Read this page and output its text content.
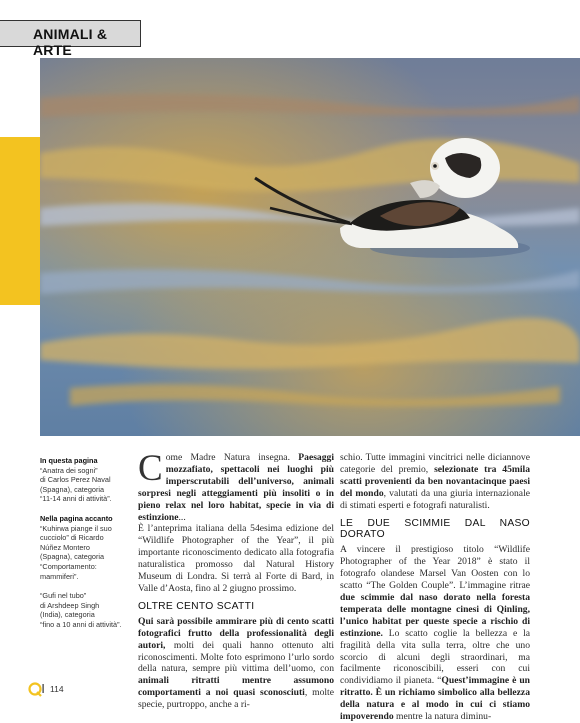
ANIMALI & ARTE

In questa pagina
“Anatra dei sogni”
di Carlos Perez Naval
(Spagna), categoria
“11-14 anni di attività”.

Nella pagina accanto
“Kuhirwa piange il suo
cucciolo” di Ricardo
Núñez Montero
(Spagna), categoria
“Comportamento:
mammiferi”.

“Gufi nel tubo”
di Arshdeep Singh
(India), categoria
“fino a 10 anni di attività”.

Come Madre Natura insegna. Paesaggi mozzafiato, spettacoli nei luoghi più imperscrutabili dell’universo, animali sorpresi negli atteggiamenti più insoliti o in pieno relax nel loro habitat, specie in via di estinzione...

È l’anteprima italiana della 54esima edizione del “Wildlife Photographer of the Year”, il più importante riconoscimento dedicato alla fotografia naturalistica promosso dal Natural History Museum di Londra. Si terrà al Forte di Bard, in Valle d’Aosta, fino al 2 giugno prossimo.

OLTRE CENTO SCATTI

Qui sarà possibile ammirare più di cento scatti fotografici frutto della professionalità degli autori, molti dei quali hanno ottenuto alti riconoscimenti. Molte foto esprimono l’urlo sordo della natura, sempre più vittima dell’uomo, con animali ritratti mentre assumono comportamenti a noi quasi sconosciuti, molte specie, purtroppo, anche a ri-

schio. Tutte immagini vincitrici nelle diciannove categorie del premio, selezionate tra 45mila scatti provenienti da ben novantacinque paesi del mondo, valutati da una giuria internazionale di stimati esperti e fotografi naturalisti.

LE DUE SCIMMIE DAL NASO DORATO

A vincere il prestigioso titolo “Wildlife Photographer of the Year 2018” è stato il fotografo olandese Marsel Van Oosten con lo scatto “The Golden Couple”. L’immagine ritrae due scimmie dal naso dorato nella foresta temperata delle montagne cinesi di Qinling, l’unico habitat per queste specie a rischio di estinzione. Lo scatto coglie la bellezza e la fragilità della vita sulla terra, oltre che uno scorcio di alcuni degli straordinari, ma facilmente riconoscibili, esseri con cui condividiamo il pianeta. “Quest’immagine è un ritratto. È un richiamo simbolico alla bellezza della natura e al modo in cui ci stiamo impoverendo mentre la natura diminu-

114
